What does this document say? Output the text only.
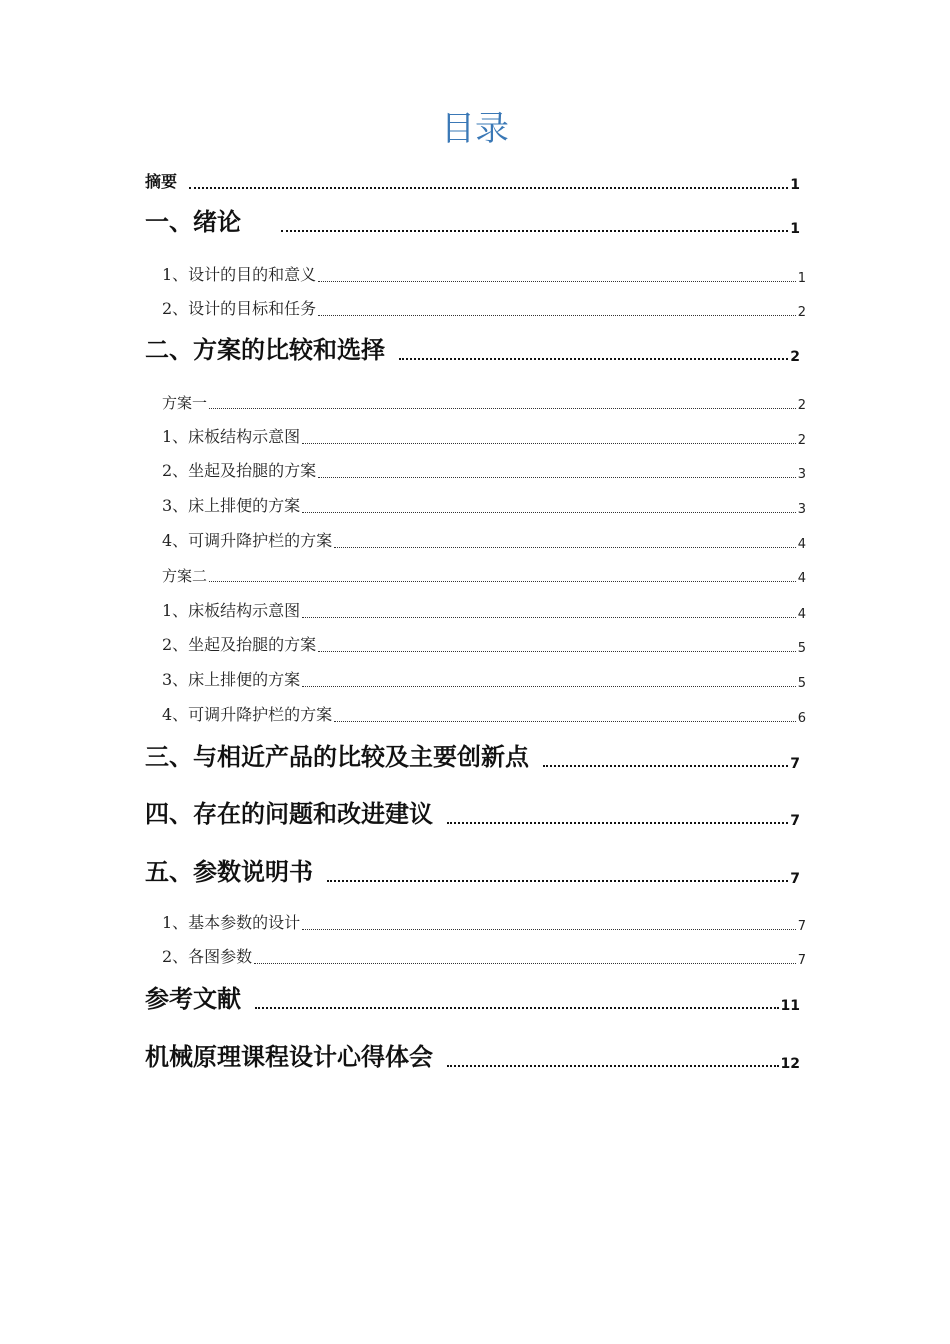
目录
摘要	1
一、绪论	1
1、设计的目的和意义	1
2、设计的目标和任务	2
二、方案的比较和选择	2
方案一	2
1、床板结构示意图	2
2、坐起及抬腿的方案	3
3、床上排便的方案	3
4、可调升降护栏的方案	4
方案二	4
1、床板结构示意图	4
2、坐起及抬腿的方案	5
3、床上排便的方案	5
4、可调升降护栏的方案	6
三、与相近产品的比较及主要创新点	7
四、存在的问题和改进建议	7
五、参数说明书	7
1、基本参数的设计	7
2、各图参数	7
参考文献	11
机械原理课程设计心得体会	12
